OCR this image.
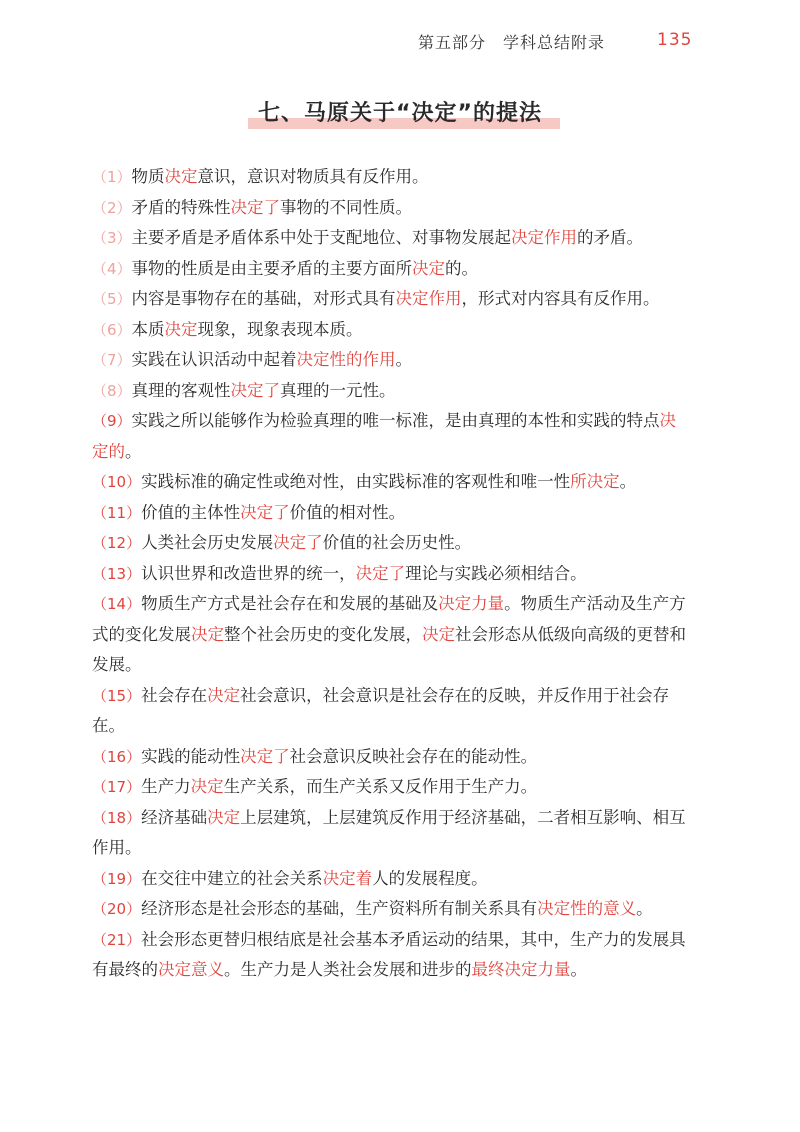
第五部分　学科总结附录	135
七、马原关于“决定”的提法

（1）物质决定意识，意识对物质具有反作用。

（2）矛盾的特殊性决定了事物的不同性质。

（3）主要矛盾是矛盾体系中处于支配地位、对事物发展起决定作用的矛盾。

（4）事物的性质是由主要矛盾的主要方面所决定的。

（5）内容是事物存在的基础，对形式具有决定作用，形式对内容具有反作用。

（6）本质决定现象，现象表现本质。

（7）实践在认识活动中起着决定性的作用。

（8）真理的客观性决定了真理的一元性。

（9）实践之所以能够作为检验真理的唯一标准，是由真理的本性和实践的特点决定的。

（10）实践标准的确定性或绝对性，由实践标准的客观性和唯一性所决定。

（11）价值的主体性决定了价值的相对性。

（12）人类社会历史发展决定了价值的社会历史性。

（13）认识世界和改造世界的统一，决定了理论与实践必须相结合。

（14）物质生产方式是社会存在和发展的基础及决定力量。物质生产活动及生产方式的变化发展决定整个社会历史的变化发展，决定社会形态从低级向高级的更替和发展。

（15）社会存在决定社会意识，社会意识是社会存在的反映，并反作用于社会存在。

（16）实践的能动性决定了社会意识反映社会存在的能动性。

（17）生产力决定生产关系，而生产关系又反作用于生产力。

（18）经济基础决定上层建筑，上层建筑反作用于经济基础，二者相互影响、相互作用。

（19）在交往中建立的社会关系决定着人的发展程度。

（20）经济形态是社会形态的基础，生产资料所有制关系具有决定性的意义。

（21）社会形态更替归根结底是社会基本矛盾运动的结果，其中，生产力的发展具有最终的决定意义。生产力是人类社会发展和进步的最终决定力量。
